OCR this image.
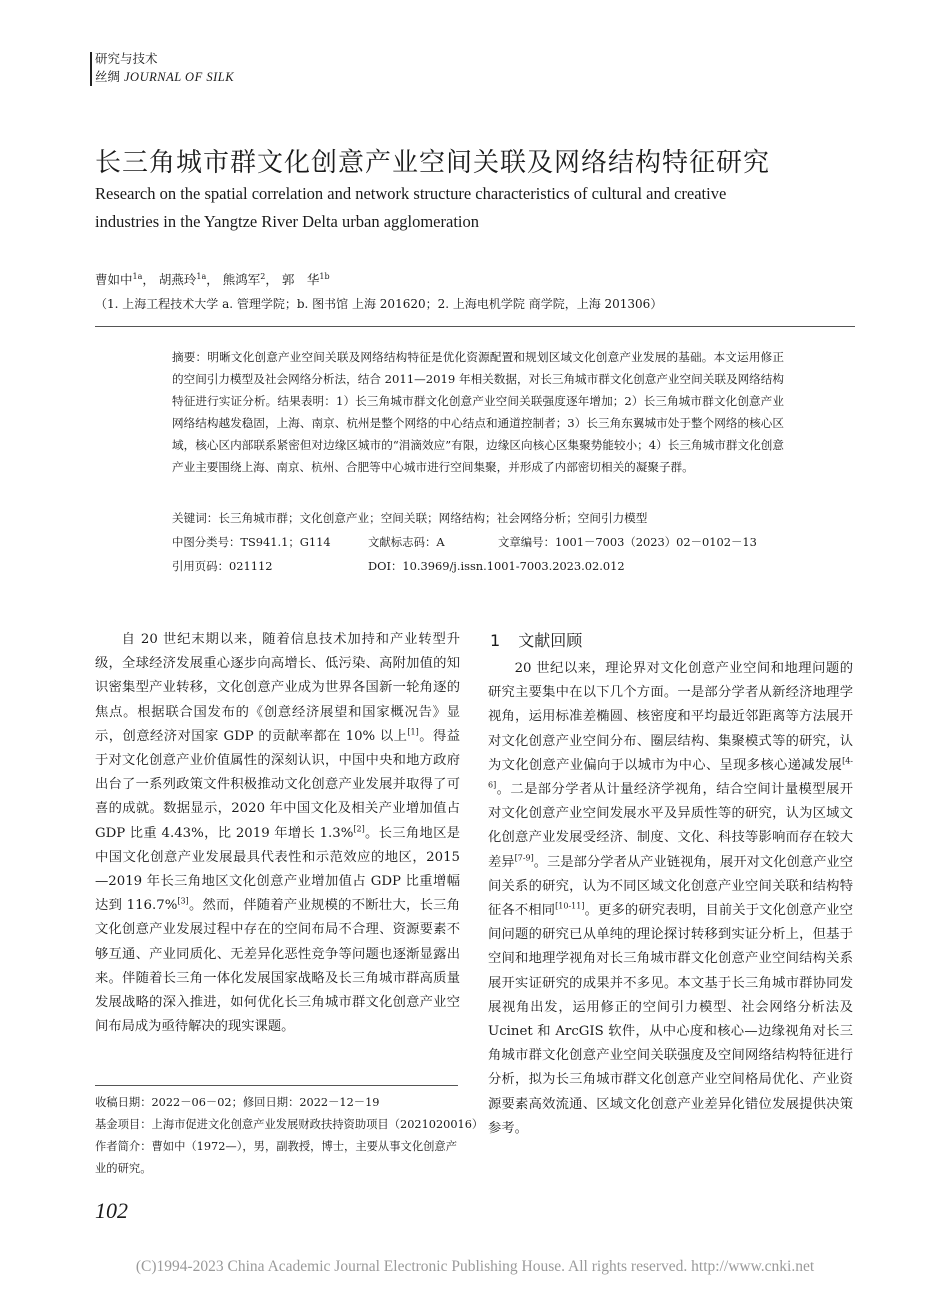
研究与技术
丝绸 JOURNAL OF SILK
长三角城市群文化创意产业空间关联及网络结构特征研究
Research on the spatial correlation and network structure characteristics of cultural and creative industries in the Yangtze River Delta urban agglomeration
曹如中$^{1a}$， 胡燕玲$^{1a}$， 熊鸿军$^2$， 郭　华$^{1b}$
（1. 上海工程技术大学 a. 管理学院；b. 图书馆 上海 201620；2. 上海电机学院 商学院，上海 201306）
摘要：明晰文化创意产业空间关联及网络结构特征是优化资源配置和规划区域文化创意产业发展的基础。本文运用修正的空间引力模型及社会网络分析法，结合 2011—2019 年相关数据，对长三角城市群文化创意产业空间关联及网络结构特征进行实证分析。结果表明：1）长三角城市群文化创意产业空间关联强度逐年增加；2）长三角城市群文化创意产业网络结构越发稳固，上海、南京、杭州是整个网络的中心结点和通道控制者；3）长三角东翼城市处于整个网络的核心区域，核心区内部联系紧密但对边缘区城市的“涓滴效应”有限，边缘区向核心区集聚势能较小；4）长三角城市群文化创意产业主要围绕上海、南京、杭州、合肥等中心城市进行空间集聚，并形成了内部密切相关的凝聚子群。
关键词：长三角城市群；文化创意产业；空间关联；网络结构；社会网络分析；空间引力模型
中图分类号：TS941.1；G114	文献标志码：A	文章编号：1001－7003（2023）02－0102－13
引用页码：021112	DOI：10.3969/j.issn.1001-7003.2023.02.012

自 20 世纪末期以来，随着信息技术加持和产业转型升级，全球经济发展重心逐步向高增长、低污染、高附加值的知识密集型产业转移，文化创意产业成为世界各国新一轮角逐的焦点。根据联合国发布的《创意经济展望和国家概况告》显示，创意经济对国家 GDP 的贡献率都在 10% 以上[1]。得益于对文化创意产业价值属性的深刻认识，中国中央和地方政府出台了一系列政策文件积极推动文化创意产业发展并取得了可喜的成就。数据显示，2020 年中国文化及相关产业增加值占 GDP 比重 4.43%，比 2019 年增长 1.3%[2]。长三角地区是中国文化创意产业发展最具代表性和示范效应的地区，2015—2019 年长三角地区文化创意产业增加值占 GDP 比重增幅达到 116.7%[3]。然而，伴随着产业规模的不断壮大，长三角文化创意产业发展过程中存在的空间布局不合理、资源要素不够互通、产业同质化、无差异化恶性竞争等问题也逐渐显露出来。伴随着长三角一体化发展国家战略及长三角城市群高质量发展战略的深入推进，如何优化长三角城市群文化创意产业空间布局成为亟待解决的现实课题。

1 文献回顾

20 世纪以来，理论界对文化创意产业空间和地理问题的研究主要集中在以下几个方面。一是部分学者从新经济地理学视角，运用标准差椭圆、核密度和平均最近邻距离等方法展开对文化创意产业空间分布、圈层结构、集聚模式等的研究，认为文化创意产业偏向于以城市为中心、呈现多核心递减发展[4-6]。二是部分学者从计量经济学视角，结合空间计量模型展开对文化创意产业空间发展水平及异质性等的研究，认为区域文化创意产业发展受经济、制度、文化、科技等影响而存在较大差异[7-9]。三是部分学者从产业链视角，展开对文化创意产业空间关系的研究，认为不同区域文化创意产业空间关联和结构特征各不相同[10-11]。更多的研究表明，目前关于文化创意产业空间问题的研究已从单纯的理论探讨转移到实证分析上，但基于空间和地理学视角对长三角城市群文化创意产业空间结构关系展开实证研究的成果并不多见。本文基于长三角城市群协同发展视角出发，运用修正的空间引力模型、社会网络分析法及 Ucinet 和 ArcGIS 软件，从中心度和核心—边缘视角对长三角城市群文化创意产业空间关联强度及空间网络结构特征进行分析，拟为长三角城市群文化创意产业空间格局优化、产业资源要素高效流通、区域文化创意产业差异化错位发展提供决策参考。

收稿日期：2022－06－02；修回日期：2022－12－19
基金项目：上海市促进文化创意产业发展财政扶持资助项目（2021020016）
作者简介：曹如中（1972—），男，副教授，博士，主要从事文化创意产
业的研究。
102
(C)1994-2023 China Academic Journal Electronic Publishing House. All rights reserved. http://www.cnki.net
